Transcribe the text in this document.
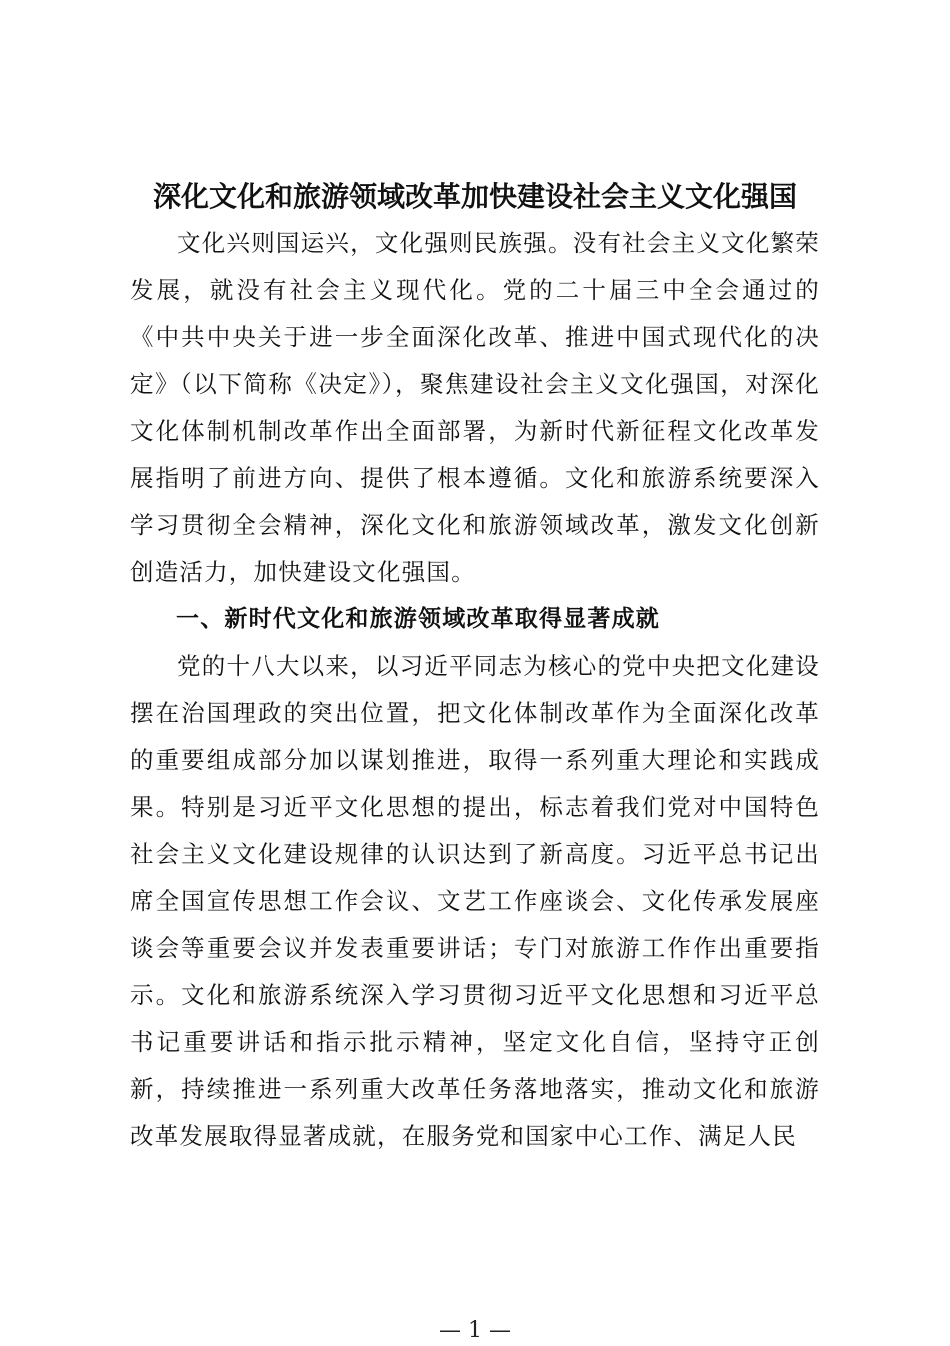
深化文化和旅游领域改革加快建设社会主义文化强国

文化兴则国运兴，文化强则民族强。没有社会主义文化繁荣发展，就没有社会主义现代化。党的二十届三中全会通过的《中共中央关于进一步全面深化改革、推进中国式现代化的决定》（以下简称《决定》），聚焦建设社会主义文化强国，对深化文化体制机制改革作出全面部署，为新时代新征程文化改革发展指明了前进方向、提供了根本遵循。文化和旅游系统要深入学习贯彻全会精神，深化文化和旅游领域改革，激发文化创新创造活力，加快建设文化强国。

一、新时代文化和旅游领域改革取得显著成就

党的十八大以来，以习近平同志为核心的党中央把文化建设摆在治国理政的突出位置，把文化体制改革作为全面深化改革的重要组成部分加以谋划推进，取得一系列重大理论和实践成果。特别是习近平文化思想的提出，标志着我们党对中国特色社会主义文化建设规律的认识达到了新高度。习近平总书记出席全国宣传思想工作会议、文艺工作座谈会、文化传承发展座谈会等重要会议并发表重要讲话；专门对旅游工作作出重要指示。文化和旅游系统深入学习贯彻习近平文化思想和习近平总书记重要讲话和指示批示精神，坚定文化自信，坚持守正创新，持续推进一系列重大改革任务落地落实，推动文化和旅游改革发展取得显著成就，在服务党和国家中心工作、满足人民

— 1 —
